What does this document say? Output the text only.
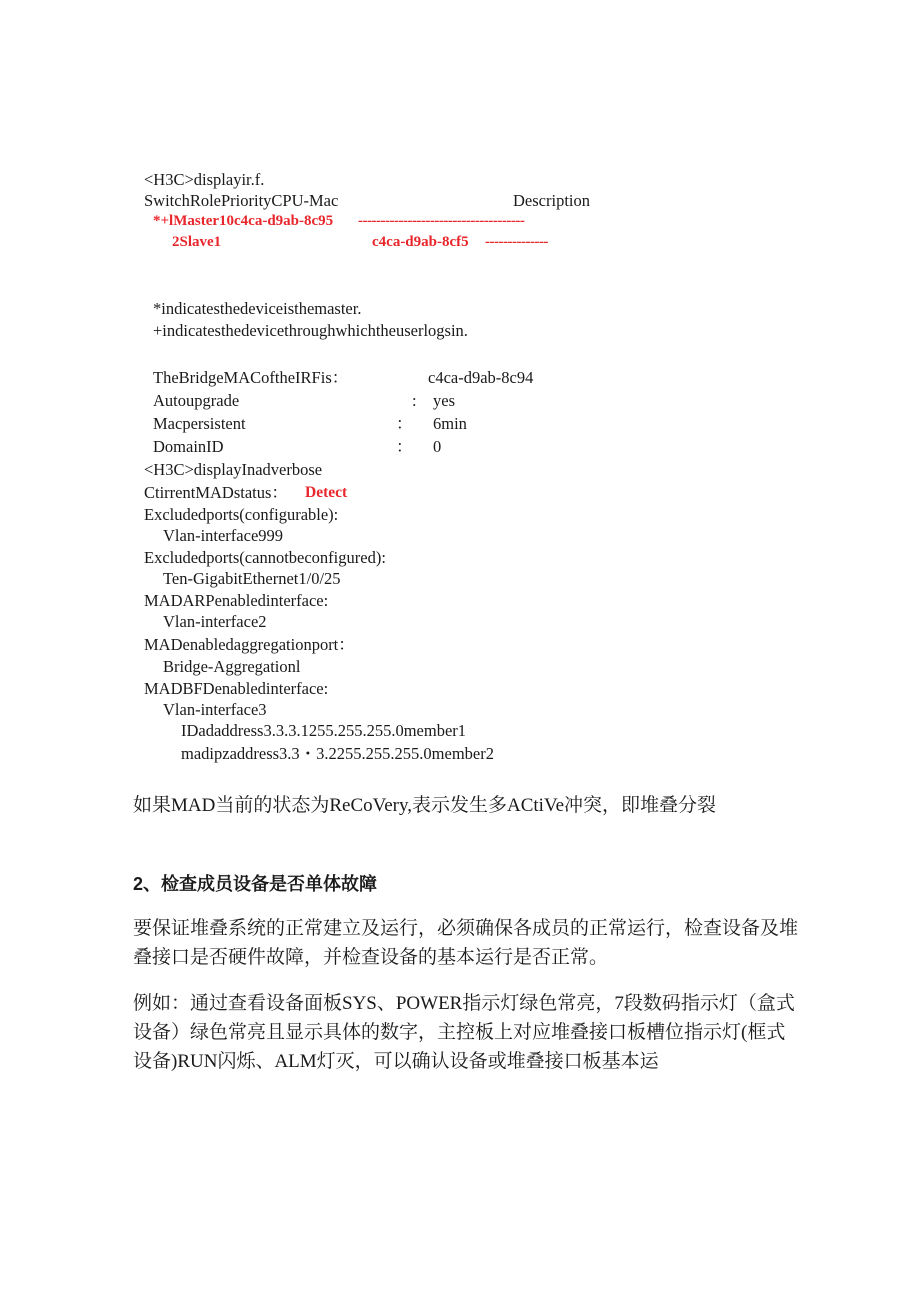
<H3C>displayir.f.
SwitchRolePriorityCPU-Mac	Description
*+lMaster10c4ca-d9ab-8c95 -------------------------------------
2Slave1	c4ca-d9ab-8cf5 --------------
*indicatesthedeviceisthemaster.
+indicatesthedevicethroughwhichtheuserlogsin.
TheBridgeMACoftheIRFis：	c4ca-d9ab-8c94
Autoupgrade	: yes
Macpersistent	： 6min
DomainID	： 0
<H3C>displayInadverbose
CtirrentMADstatus： Detect
Excludedports(configurable):
Vlan-interface999
Excludedports(cannotbeconfigured):
Ten-GigabitEthernet1/0/25
MADARPenabledinterface:
Vlan-interface2
MADenabledaggregationport：
Bridge-Aggregationl
MADBFDenabledinterface:
Vlan-interface3
IDadaddress3.3.3.1255.255.255.0member1
madipzaddress3.3・3.2255.255.255.0member2
如果MAD当前的状态为ReCoVery,表示发生多ACtiVe冲突，即堆叠分裂
2、检查成员设备是否单体故障
要保证堆叠系统的正常建立及运行，必须确保各成员的正常运行，检查设备及堆叠接口是否硬件故障，并检查设备的基本运行是否正常。
例如：通过查看设备面板SYS、POWER指示灯绿色常亮，7段数码指示灯（盒式设备）绿色常亮且显示具体的数字，主控板上对应堆叠接口板槽位指示灯(框式设备)RUN闪烁、ALM灯灭，可以确认设备或堆叠接口板基本运
